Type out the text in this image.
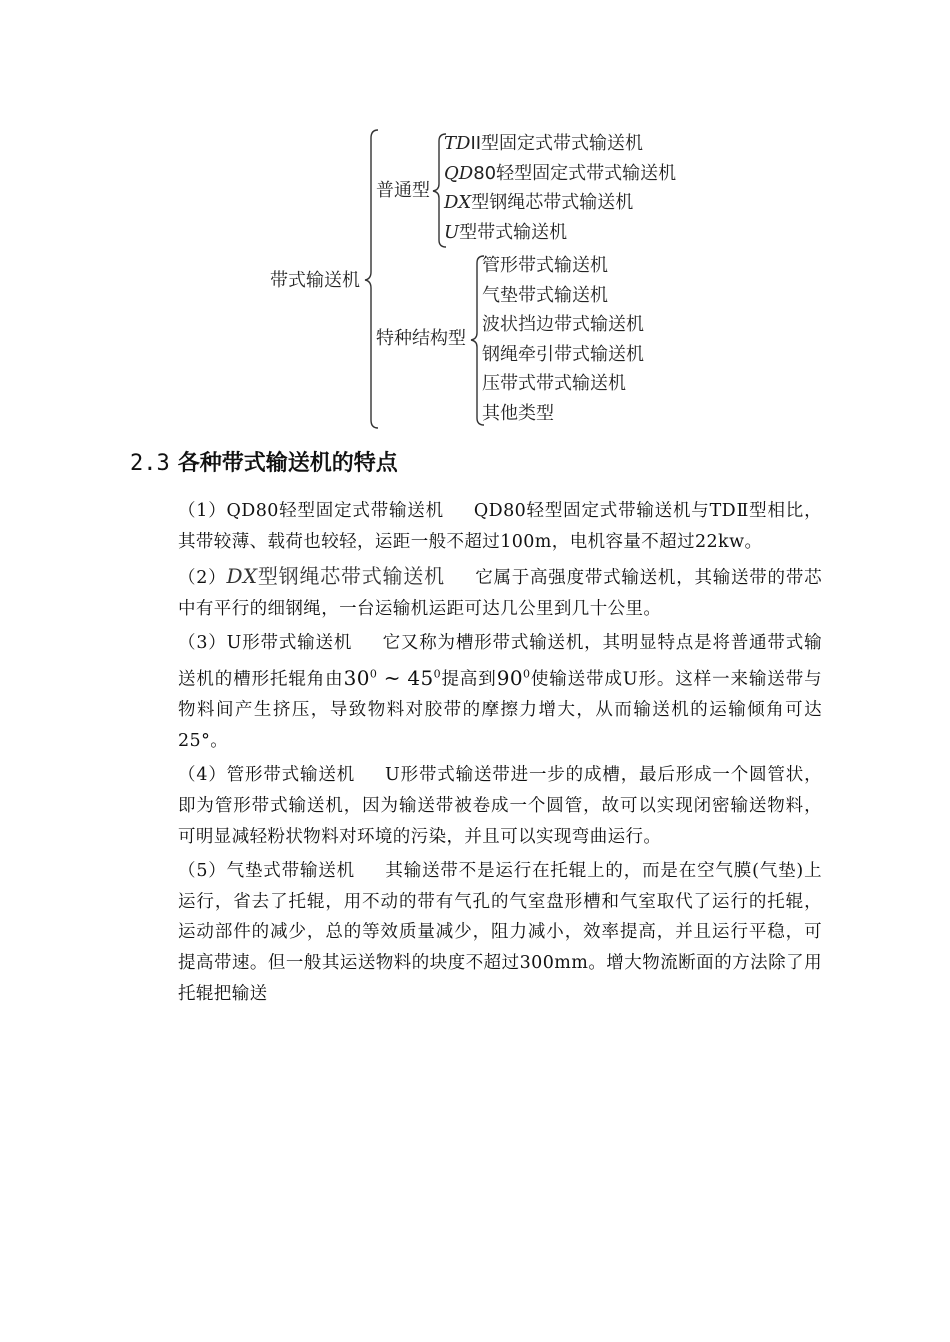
带式输送机
普通型
特种结构型
TDII型固定式带式输送机
QD80轻型固定式带式输送机
DX型钢绳芯带式输送机
U型带式输送机
管形带式输送机
气垫带式输送机
波状挡边带式输送机
钢绳牵引带式输送机
压带式带式输送机
其他类型
2.3 各种带式输送机的特点

（1）QD80轻型固定式带输送机 QD80轻型固定式带输送机与TDⅡ型相比，其带较薄、载荷也较轻，运距一般不超过100m，电机容量不超过22kw。

（2）DX型钢绳芯带式输送机 它属于高强度带式输送机，其输送带的带芯中有平行的细钢绳，一台运输机运距可达几公里到几十公里。

（3）U形带式输送机 它又称为槽形带式输送机，其明显特点是将普通带式输送机的槽形托辊角由$30^0$ ~ $45^0$提高到$90^0$使输送带成U形。这样一来输送带与物料间产生挤压，导致物料对胶带的摩擦力增大，从而输送机的运输倾角可达25°。

（4）管形带式输送机 U形带式输送带进一步的成槽，最后形成一个圆管状，即为管形带式输送机，因为输送带被卷成一个圆管，故可以实现闭密输送物料，可明显减轻粉状物料对环境的污染，并且可以实现弯曲运行。

（5）气垫式带输送机 其输送带不是运行在托辊上的，而是在空气膜(气垫)上运行，省去了托辊，用不动的带有气孔的气室盘形槽和气室取代了运行的托辊，运动部件的减少，总的等效质量减少，阻力减小，效率提高，并且运行平稳，可提高带速。但一般其运送物料的块度不超过300mm。增大物流断面的方法除了用托辊把输送
